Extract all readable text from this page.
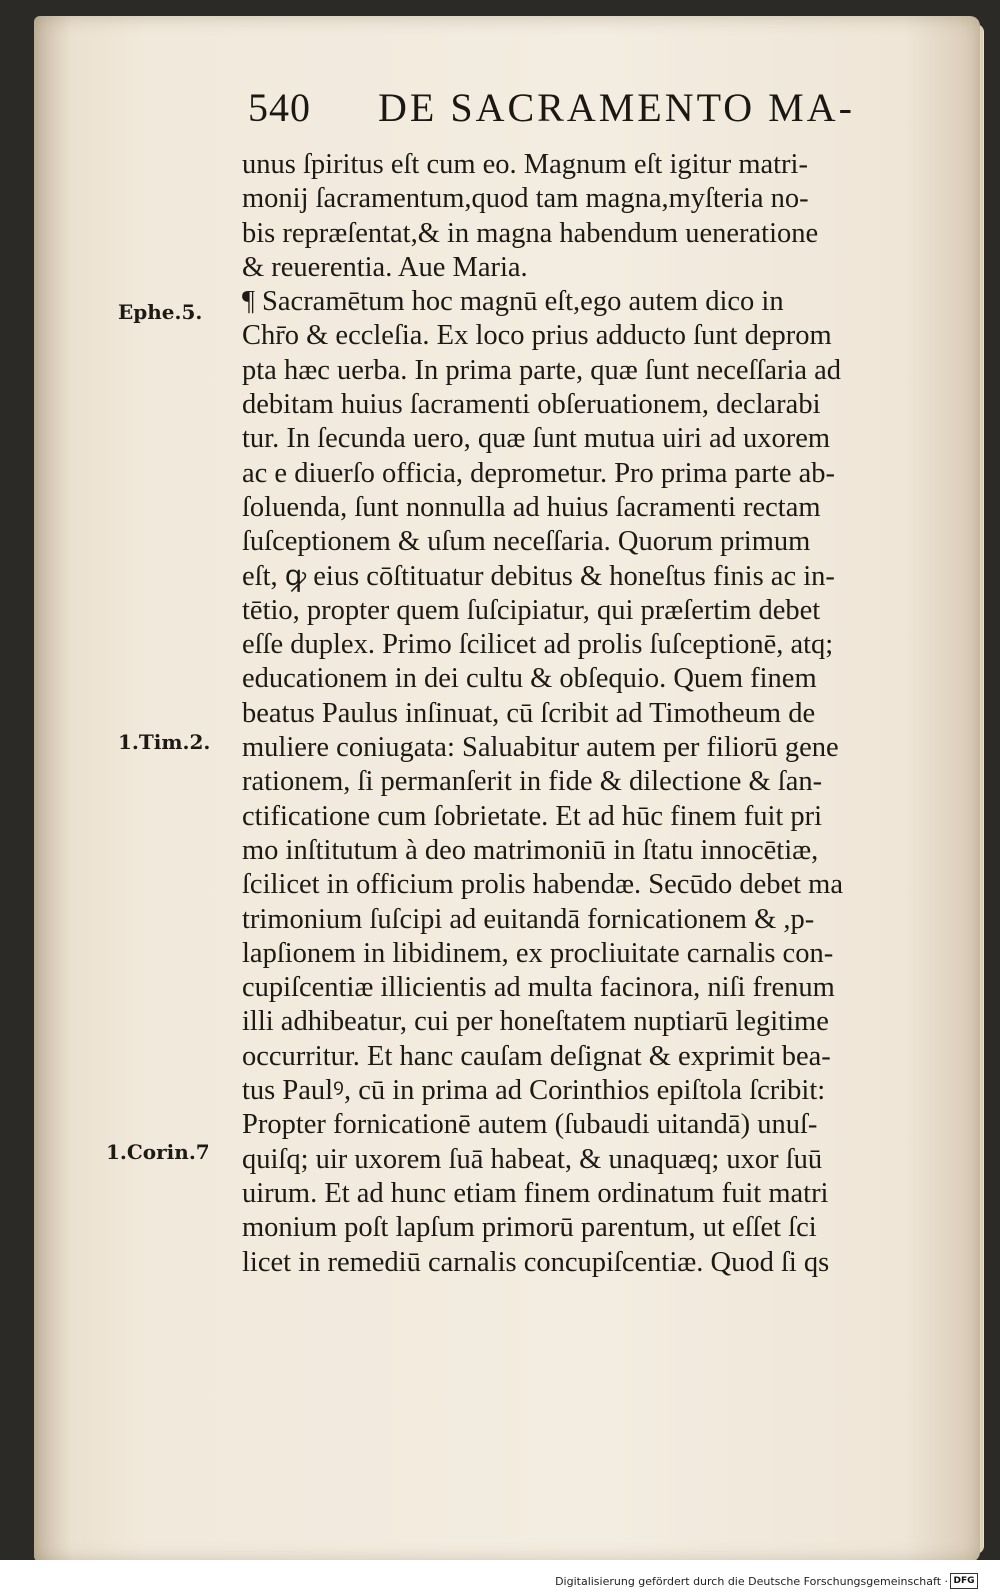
540 DE SACRAMENTO MA-
Ephe.5.
1.Tim.2.
1.Corin.7
unus ſpiritus eſt cum eo. Magnum eſt igitur matri-
monij ſacramentum,quod tam magna,myſteria no-
bis repræſentat,& in magna habendum ueneratione
& reuerentia. Aue Maria.
¶ Sacramētum hoc magnū eſt,ego autem dico in
Chr̄o & eccleſia. Ex loco prius adducto ſunt deprom
pta hæc uerba. In prima parte, quæ ſunt neceſſaria ad
debitam huius ſacramenti obſeruationem, declarabi
tur. In ſecunda uero, quæ ſunt mutua uiri ad uxorem
ac e diuerſo officia, deprometur. Pro prima parte ab-
ſoluenda, ſunt nonnulla ad huius ſacramenti rectam
ſuſceptionem & uſum neceſſaria. Quorum primum
eſt, ꝙ eius cōſtituatur debitus & honeſtus finis ac in-
tētio, propter quem ſuſcipiatur, qui præſertim debet
eſſe duplex. Primo ſcilicet ad prolis ſuſceptionē, atq;
educationem in dei cultu & obſequio. Quem finem
beatus Paulus inſinuat, cū ſcribit ad Timotheum de
muliere coniugata: Saluabitur autem per filiorū gene
rationem, ſi permanſerit in fide & dilectione & ſan-
ctificatione cum ſobrietate. Et ad hūc finem fuit pri
mo inſtitutum à deo matrimoniū in ſtatu innocētiæ,
ſcilicet in officium prolis habendæ. Secūdo debet ma
trimonium ſuſcipi ad euitandā fornicationem & ,p-
lapſionem in libidinem, ex procliuitate carnalis con-
cupiſcentiæ illicientis ad multa facinora, niſi frenum
illi adhibeatur, cui per honeſtatem nuptiarū legitime
occurritur. Et hanc cauſam deſignat & exprimit bea-
tus Paulꝰ, cū in prima ad Corinthios epiſtola ſcribit:
Propter fornicationē autem (ſubaudi uitandā) unuſ-
quiſq; uir uxorem ſuā habeat, & unaquæq; uxor ſuū
uirum. Et ad hunc etiam finem ordinatum fuit matri
monium poſt lapſum primorū parentum, ut eſſet ſci
licet in remediū carnalis concupiſcentiæ. Quod ſi qs
Digitalisierung gefördert durch die Deutsche Forschungsgemeinschaft · DFG
